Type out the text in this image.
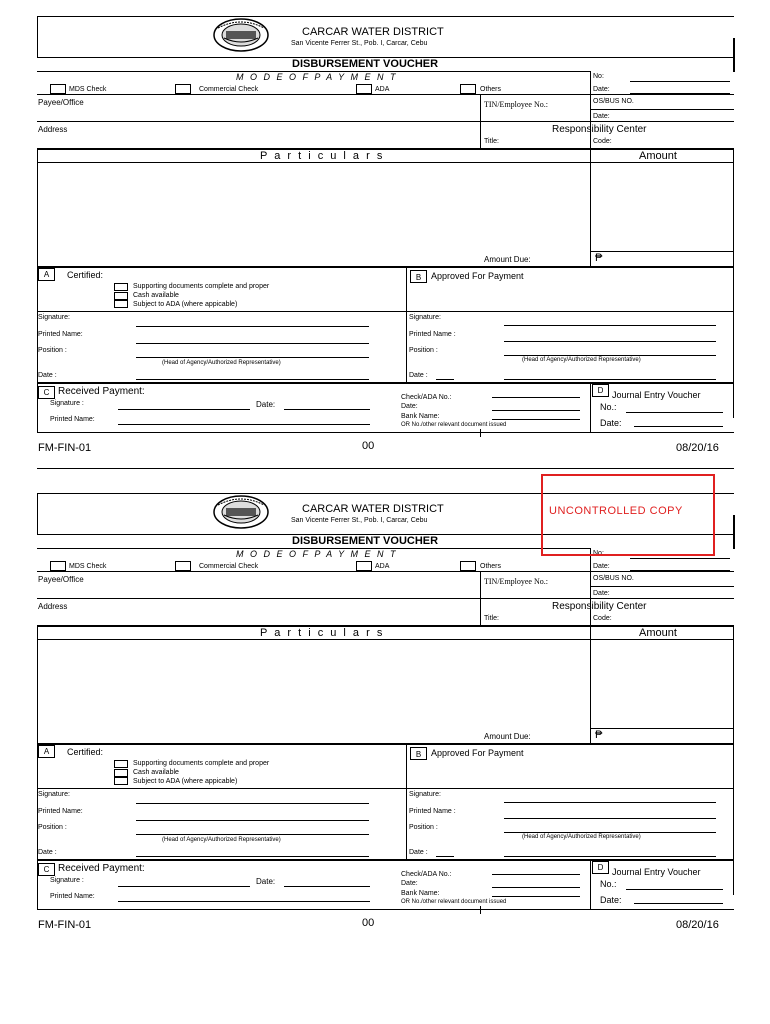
CARCAR WATER DISTRICT
San Vicente Ferrer St., Pob. I, Carcar, Cebu
DISBURSEMENT VOUCHER
M O D E O F P A Y M E N T	No:
MDS Check	Commercial Check	ADA	Others	Date:
Payee/Office	TIN/Employee No.:	OS/BUS NO.
Date:
Address	Responsibility Center
Title:	Code:
P a r t i c u l a r s	Amount
Amount Due:	₱
A	Certified:
Supporting documents complete and proper
Cash available
Subject to ADA (where appicable)
Signature:
Printed Name:
Position :
(Head of Agency/Authorized Representative)
Date :
B	Approved For Payment
Signature:
Printed Name :
Position :
(Head of Agency/Authorized Representative)
Date :
C Received Payment:
Signature :	Date:
Printed Name:
Check/ADA No.:
Date:
Bank Name:
OR No./other relevant document issued
D Journal Entry Voucher
No.:
Date:
FM-FIN-01	00	08/20/16
CARCAR WATER DISTRICT
San Vicente Ferrer St., Pob. I, Carcar, Cebu
DISBURSEMENT VOUCHER
M O D E O F P A Y M E N T	No:
MDS Check	Commercial Check	ADA	Others	Date:
Payee/Office	TIN/Employee No.:	OS/BUS NO.
Date:
Address	Responsibility Center
Title:	Code:
P a r t i c u l a r s	Amount
Amount Due:	₱
A	Certified:
Supporting documents complete and proper
Cash available
Subject to ADA (where appicable)
Signature:
Printed Name:
Position :
(Head of Agency/Authorized Representative)
Date :
B	Approved For Payment
Signature:
Printed Name :
Position :
(Head of Agency/Authorized Representative)
Date :
C Received Payment:
Signature :	Date:
Printed Name:
Check/ADA No.:
Date:
Bank Name:
OR No./other relevant document issued
D Journal Entry Voucher
No.:
Date:
FM-FIN-01	00	08/20/16
UNCONTROLLED COPY
